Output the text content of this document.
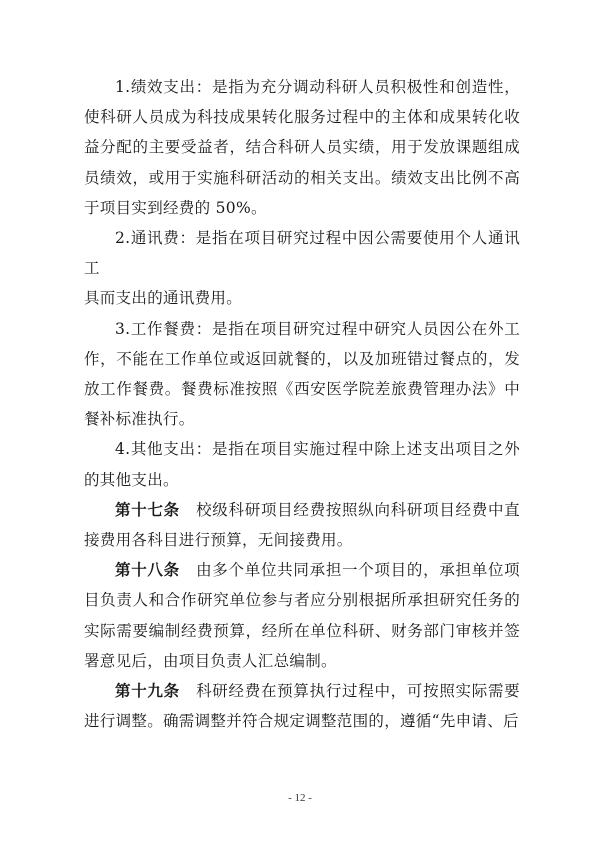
1.绩效支出：是指为充分调动科研人员积极性和创造性，使科研人员成为科技成果转化服务过程中的主体和成果转化收益分配的主要受益者，结合科研人员实绩，用于发放课题组成员绩效，或用于实施科研活动的相关支出。绩效支出比例不高于项目实到经费的 50%。

2.通讯费：是指在项目研究过程中因公需要使用个人通讯工

具而支出的通讯费用。

3.工作餐费：是指在项目研究过程中研究人员因公在外工作，不能在工作单位或返回就餐的，以及加班错过餐点的，发放工作餐费。餐费标准按照《西安医学院差旅费管理办法》中餐补标准执行。

4.其他支出：是指在项目实施过程中除上述支出项目之外的其他支出。

第十七条　 校级科研项目经费按照纵向科研项目经费中直接费用各科目进行预算，无间接费用。

第十八条　 由多个单位共同承担一个项目的，承担单位项目负责人和合作研究单位参与者应分别根据所承担研究任务的实际需要编制经费预算，经所在单位科研、财务部门审核并签署意见后，由项目负责人汇总编制。

第十九条　 科研经费在预算执行过程中，可按照实际需要进行调整。确需调整并符合规定调整范围的，遵循“先申请、后

- 12 -
